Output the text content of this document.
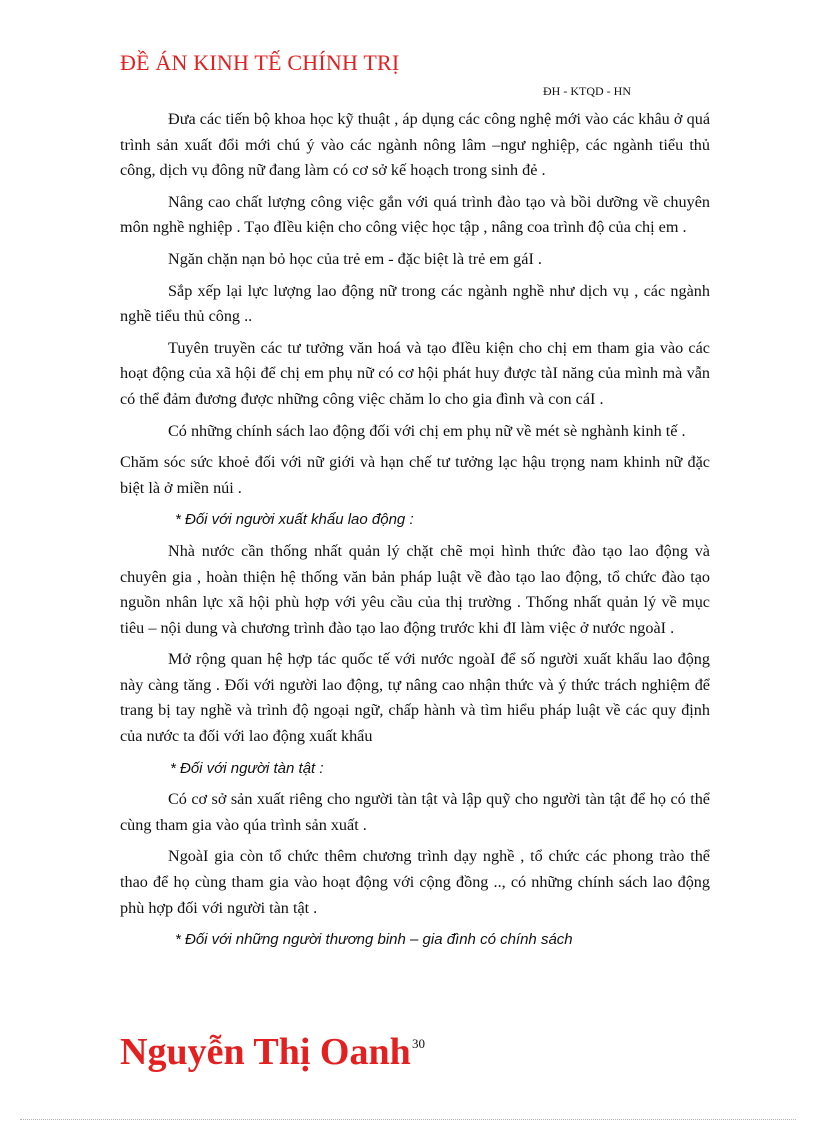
ĐỀ ÁN KINH TẾ CHÍNH TRỊ
ĐH - KTQD - HN

Đưa các tiến bộ khoa học kỹ thuật , áp dụng các công nghệ mới vào các khâu ở quá trình sản xuất đổi mới chú ý vào các ngành nông lâm –ngư nghiệp, các ngành tiểu thủ công, dịch vụ đông nữ đang làm có cơ sở kế hoạch trong sinh đẻ .

Nâng cao chất lượng công việc gắn với quá trình đào tạo và bồi dưỡng về chuyên môn nghề nghiệp . Tạo đIều kiện cho công việc học tập , nâng coa trình độ của chị em .

Ngăn chặn nạn bỏ học của trẻ em - đặc biệt là trẻ em gáI .

Sắp xếp lại lực lượng lao động nữ trong các ngành nghề như dịch vụ , các ngành nghề tiểu thủ công ..

Tuyên truyền các tư tưởng văn hoá và tạo đIều kiện cho chị em tham gia vào các hoạt động của xã hội để chị em phụ nữ có cơ hội phát huy được tàI năng của mình mà vẫn có thể đảm đương được những công việc chăm lo cho gia đình và con cáI .

Có những chính sách lao động đối với chị em phụ nữ về mét sè nghành kinh tế .

Chăm sóc sức khoẻ đối với nữ giới và hạn chế tư tưởng lạc hậu trọng nam khinh nữ đặc biệt là ở miền núi .

* Đối với người xuất khẩu lao động :

Nhà nước cần thống nhất quản lý chặt chẽ mọi hình thức đào tạo lao động và chuyên gia , hoàn thiện hệ thống văn bản pháp luật về đào tạo lao động, tổ chức đào tạo nguồn nhân lực xã hội phù hợp với yêu cầu của thị trường . Thống nhất quản lý về mục tiêu – nội dung và chương trình đào tạo lao động trước khi đI làm việc ở nước ngoàI .

Mở rộng quan hệ hợp tác quốc tế với nước ngoàI để số người xuất khẩu lao động này càng tăng . Đối với người lao động, tự nâng cao nhận thức và ý thức trách nghiệm để trang bị tay nghề và trình độ ngoại ngữ, chấp hành và tìm hiểu pháp luật về các quy định của nước ta đối với lao động xuất khẩu

* Đối với người tàn tật :

Có cơ sở sản xuất riêng cho người tàn tật và lập quỹ cho người tàn tật để họ có thể cùng tham gia vào qúa trình sản xuất .

NgoàI gia còn tổ chức thêm chương trình dạy nghề , tổ chức các phong trào thể thao để họ cùng tham gia vào hoạt động với cộng đồng .., có những chính sách lao động phù hợp đối với người tàn tật .

* Đối với những người thương binh – gia đình có chính sách

Nguyễn Thị Oanh 30
